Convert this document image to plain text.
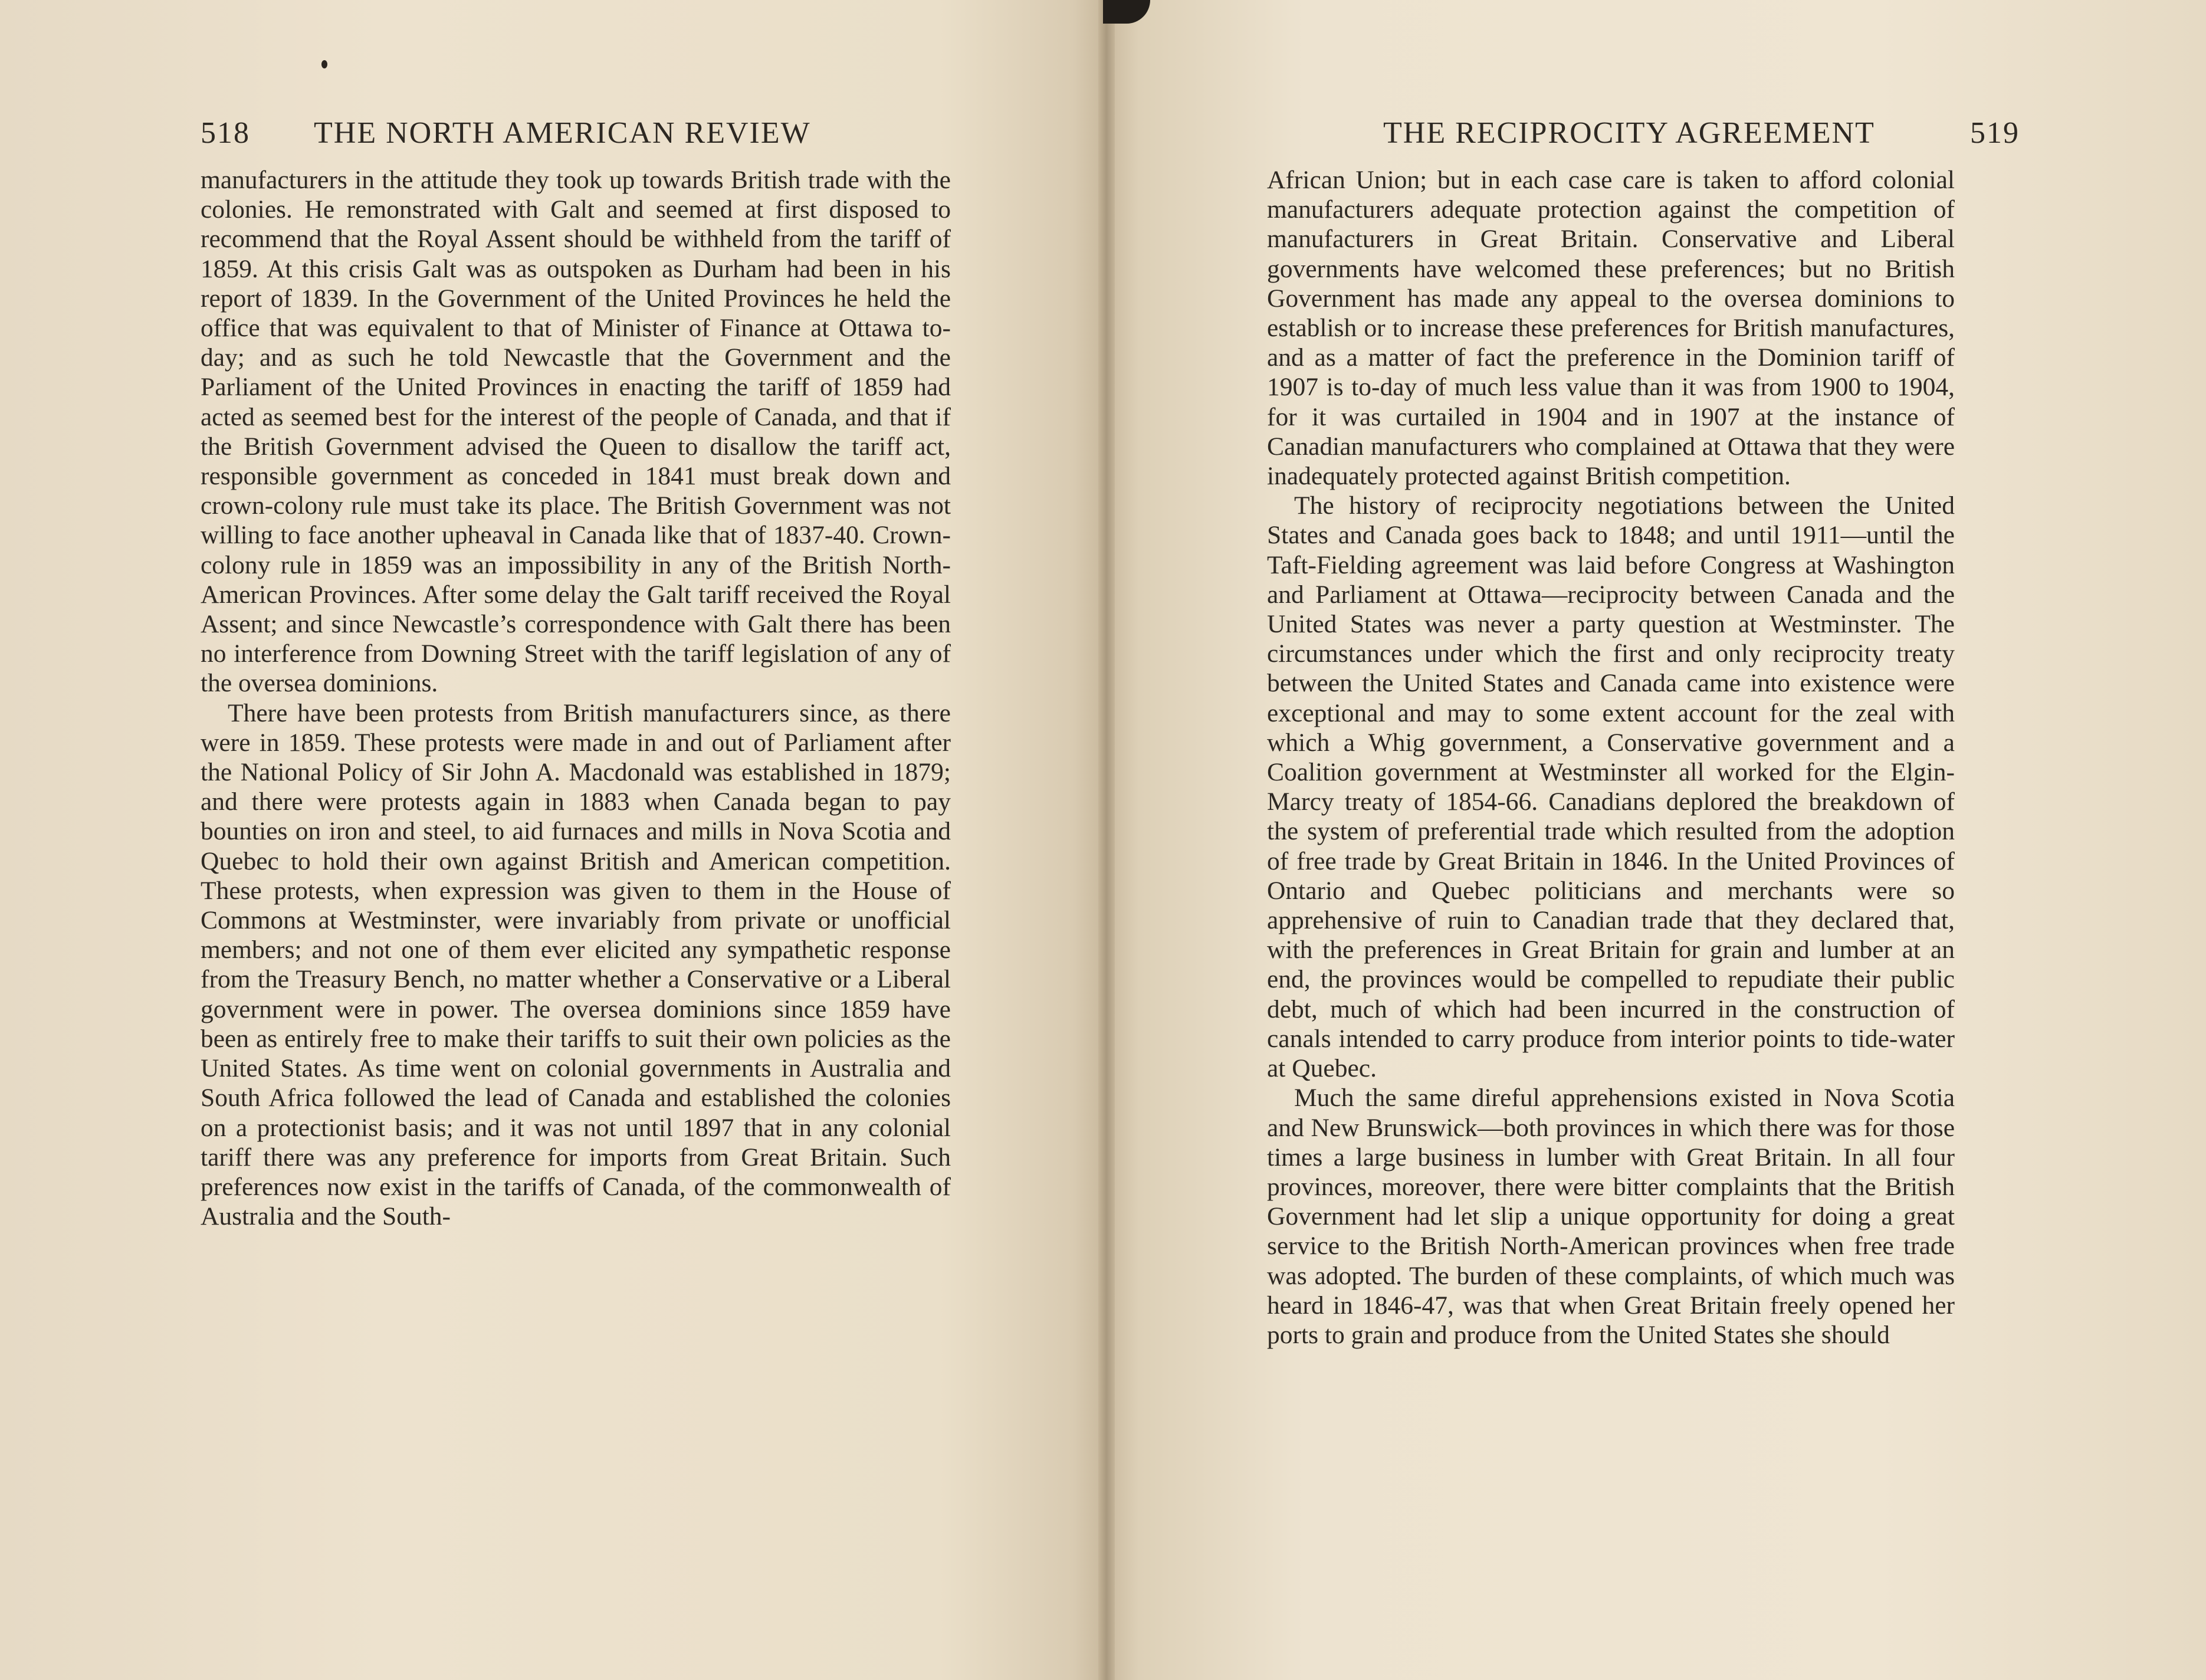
518 THE NORTH AMERICAN REVIEW

manufacturers in the attitude they took up towards British trade with the colonies. He remonstrated with Galt and seemed at first disposed to recommend that the Royal Assent should be withheld from the tariff of 1859. At this crisis Galt was as outspoken as Durham had been in his report of 1839. In the Government of the United Provinces he held the office that was equivalent to that of Minister of Finance at Ottawa to-day; and as such he told Newcastle that the Government and the Parliament of the United Provinces in enacting the tariff of 1859 had acted as seemed best for the interest of the people of Canada, and that if the British Government advised the Queen to disallow the tariff act, responsible government as conceded in 1841 must break down and crown-colony rule must take its place. The British Government was not willing to face another upheaval in Canada like that of 1837-40. Crown-colony rule in 1859 was an impossibility in any of the British North-American Provinces. After some delay the Galt tariff received the Royal Assent; and since Newcastle’s correspondence with Galt there has been no interference from Downing Street with the tariff legislation of any of the oversea dominions.

There have been protests from British manufacturers since, as there were in 1859. These protests were made in and out of Parliament after the National Policy of Sir John A. Macdonald was established in 1879; and there were protests again in 1883 when Canada began to pay bounties on iron and steel, to aid furnaces and mills in Nova Scotia and Quebec to hold their own against British and American competition. These protests, when expression was given to them in the House of Commons at Westminster, were invariably from private or unofficial members; and not one of them ever elicited any sympathetic response from the Treasury Bench, no matter whether a Conservative or a Liberal government were in power. The oversea dominions since 1859 have been as entirely free to make their tariffs to suit their own policies as the United States. As time went on colonial governments in Australia and South Africa followed the lead of Canada and established the colonies on a protectionist basis; and it was not until 1897 that in any colonial tariff there was any preference for imports from Great Britain. Such preferences now exist in the tariffs of Canada, of the commonwealth of Australia and the South-

THE RECIPROCITY AGREEMENT	519

African Union; but in each case care is taken to afford colonial manufacturers adequate protection against the competition of manufacturers in Great Britain. Conservative and Liberal governments have welcomed these preferences; but no British Government has made any appeal to the oversea dominions to establish or to increase these preferences for British manufactures, and as a matter of fact the preference in the Dominion tariff of 1907 is to-day of much less value than it was from 1900 to 1904, for it was curtailed in 1904 and in 1907 at the instance of Canadian manufacturers who complained at Ottawa that they were inadequately protected against British competition.

The history of reciprocity negotiations between the United States and Canada goes back to 1848; and until 1911—until the Taft-Fielding agreement was laid before Congress at Washington and Parliament at Ottawa—reciprocity between Canada and the United States was never a party question at Westminster. The circumstances under which the first and only reciprocity treaty between the United States and Canada came into existence were exceptional and may to some extent account for the zeal with which a Whig government, a Conservative government and a Coalition government at Westminster all worked for the Elgin-Marcy treaty of 1854-66. Canadians deplored the breakdown of the system of preferential trade which resulted from the adoption of free trade by Great Britain in 1846. In the United Provinces of Ontario and Quebec politicians and merchants were so apprehensive of ruin to Canadian trade that they declared that, with the preferences in Great Britain for grain and lumber at an end, the provinces would be compelled to repudiate their public debt, much of which had been incurred in the construction of canals intended to carry produce from interior points to tide-water at Quebec.

Much the same direful apprehensions existed in Nova Scotia and New Brunswick—both provinces in which there was for those times a large business in lumber with Great Britain. In all four provinces, moreover, there were bitter complaints that the British Government had let slip a unique opportunity for doing a great service to the British North-American provinces when free trade was adopted. The burden of these complaints, of which much was heard in 1846-47, was that when Great Britain freely opened her ports to grain and produce from the United States she should
